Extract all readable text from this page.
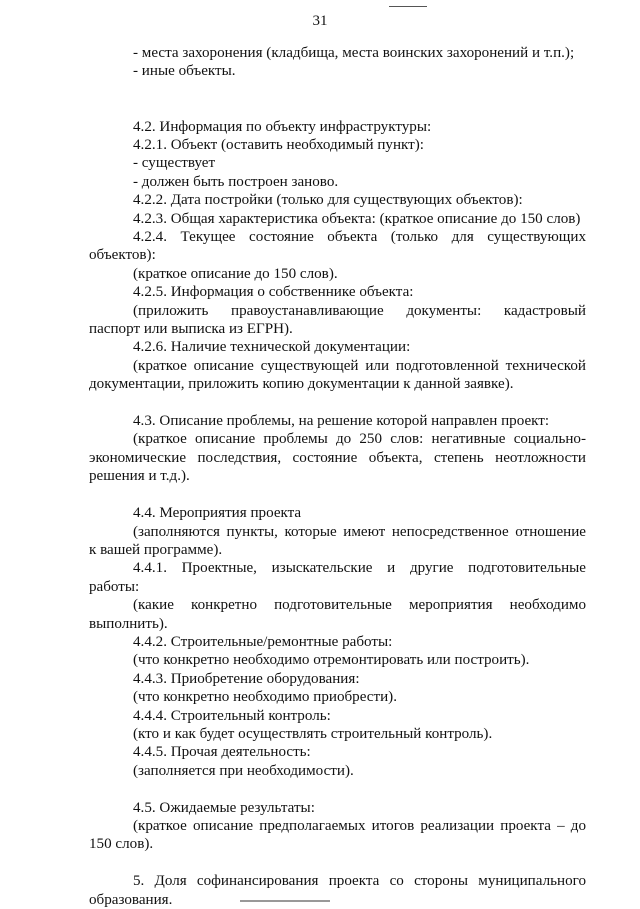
31

- места захоронения (кладбища, места воинских захоронений и т.п.);

- иные объекты.

4.2. Информация по объекту инфраструктуры:

4.2.1. Объект (оставить необходимый пункт):

- существует

- должен быть построен заново.

4.2.2. Дата постройки (только для существующих объектов):

4.2.3. Общая характеристика объекта: (краткое описание до 150 слов)

4.2.4. Текущее состояние объекта (только для существующих

объектов):

(краткое описание до 150 слов).

4.2.5. Информация о собственнике объекта:

(приложить правоустанавливающие документы: кадастровый

паспорт или выписка из ЕГРН).

4.2.6. Наличие технической документации:

(краткое описание существующей или подготовленной технической

документации, приложить копию документации к данной заявке).

4.3. Описание проблемы, на решение которой направлен проект:

(краткое описание проблемы до 250 слов: негативные социально-

экономические последствия, состояние объекта, степень неотложности

решения и т.д.).

4.4. Мероприятия проекта

(заполняются пункты, которые имеют непосредственное отношение

к вашей программе).

4.4.1. Проектные, изыскательские и другие подготовительные

работы:

(какие конкретно подготовительные мероприятия необходимо

выполнить).

4.4.2. Строительные/ремонтные работы:

(что конкретно необходимо отремонтировать или построить).

4.4.3. Приобретение оборудования:

(что конкретно необходимо приобрести).

4.4.4. Строительный контроль:

(кто и как будет осуществлять строительный контроль).

4.4.5. Прочая деятельность:

(заполняется при необходимости).

4.5. Ожидаемые результаты:

(краткое описание предполагаемых итогов реализации проекта – до

150 слов).

5. Доля софинансирования проекта со стороны муниципального

образования.
